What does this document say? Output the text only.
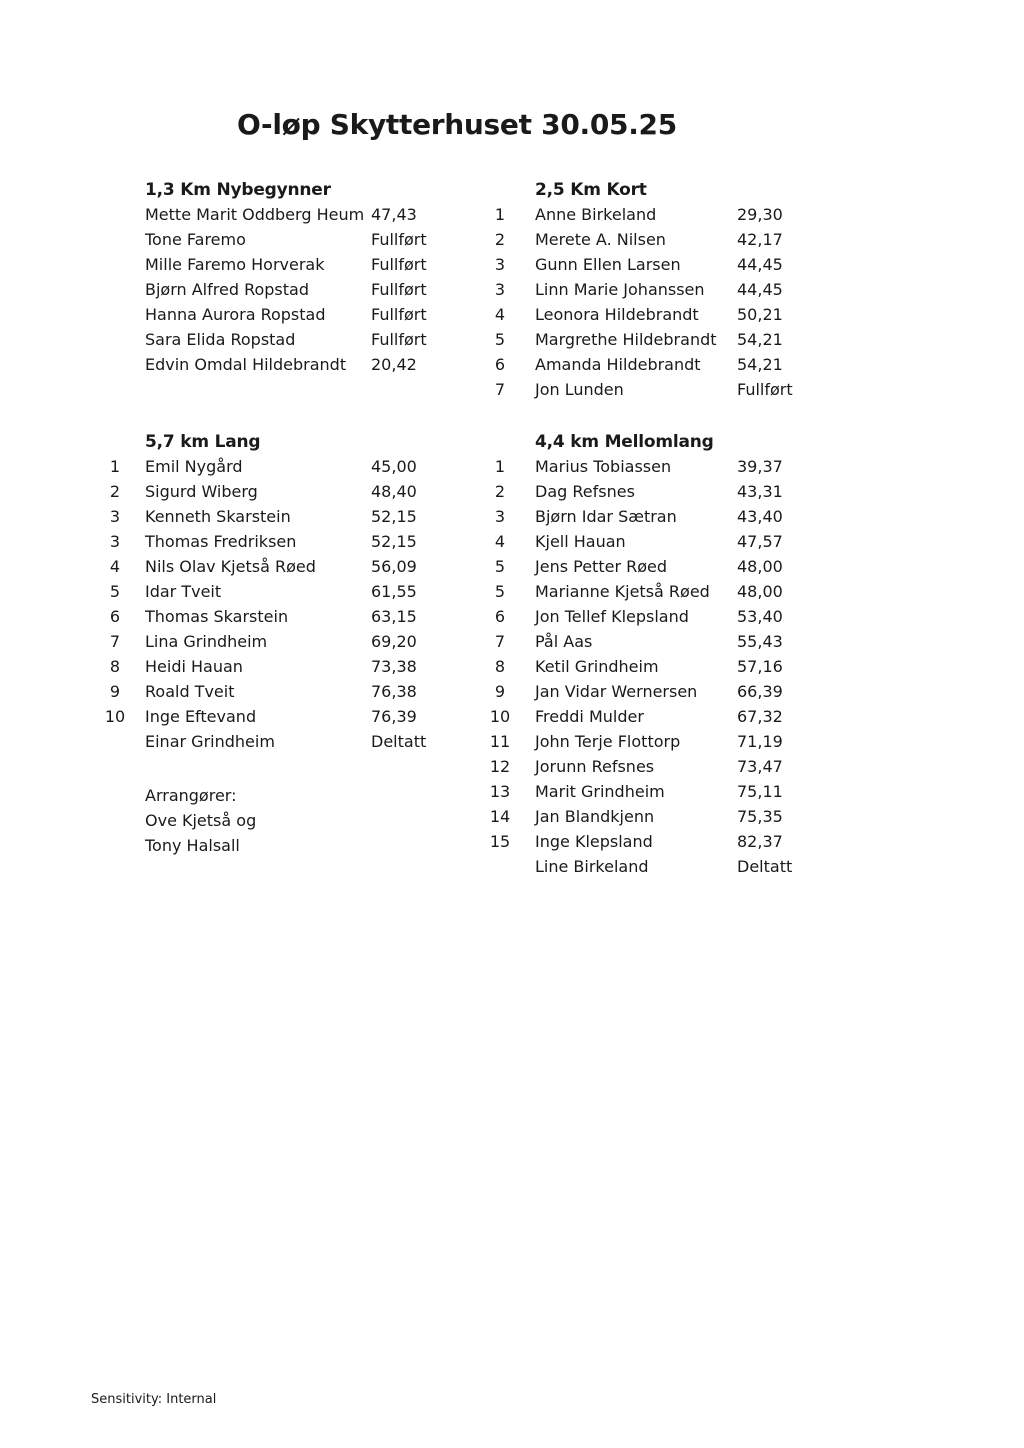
O-løp Skytterhuset 30.05.25
1,3 Km Nybegynner
Mette Marit Oddberg Heum 47,43
Tone Faremo	Fullført
Mille Faremo Horverak	Fullført
Bjørn Alfred Ropstad	Fullført
Hanna Aurora Ropstad	Fullført
Sara Elida Ropstad	Fullført
Edvin Omdal Hildebrandt 20,42
2,5 Km Kort
1	Anne Birkeland	29,30
2	Merete A. Nilsen	42,17
3	Gunn Ellen Larsen	44,45
3	Linn Marie Johanssen 44,45
4	Leonora Hildebrandt 50,21
5	Margrethe Hildebrandt 54,21
6	Amanda Hildebrandt 54,21
7	Jon Lunden	Fullført
5,7 km Lang
1	Emil Nygård	45,00
2	Sigurd Wiberg	48,40
3	Kenneth Skarstein	52,15
3	Thomas Fredriksen	52,15
4	Nils Olav Kjetså Røed	56,09
5	Idar Tveit	61,55
6	Thomas Skarstein	63,15
7	Lina Grindheim	69,20
8	Heidi Hauan	73,38
9	Roald Tveit	76,38
10	Inge Eftevand	76,39
Einar Grindheim	Deltatt
4,4 km Mellomlang
1	Marius Tobiassen	39,37
2	Dag Refsnes	43,31
3	Bjørn Idar Sætran	43,40
4	Kjell Hauan	47,57
5	Jens Petter Røed	48,00
5	Marianne Kjetså Røed 48,00
6	Jon Tellef Klepsland	53,40
7	Pål Aas	55,43
8	Ketil Grindheim	57,16
9	Jan Vidar Wernersen 66,39
10	Freddi Mulder	67,32
11	John Terje Flottorp	71,19
12	Jorunn Refsnes	73,47
13	Marit Grindheim	75,11
14	Jan Blandkjenn	75,35
15	Inge Klepsland	82,37
Line Birkeland	Deltatt
Arrangører:
Ove Kjetså og
Tony Halsall
Sensitivity: Internal
